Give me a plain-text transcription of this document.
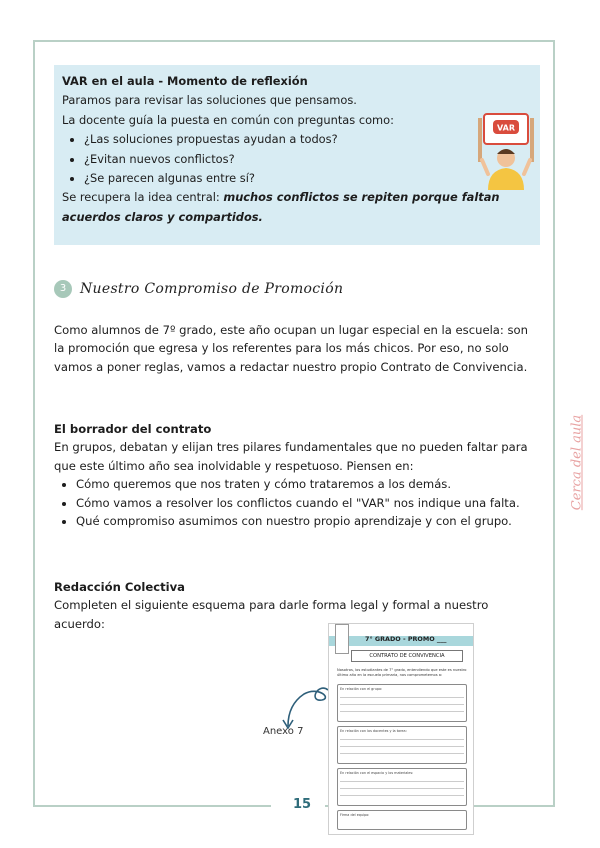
15
VAR en el aula - Momento de reflexión
Paramos para revisar las soluciones que pensamos.
La docente guía la puesta en común con preguntas como:
• ¿Las soluciones propuestas ayudan a todos?
• ¿Evitan nuevos conflictos?
• ¿Se parecen algunas entre sí?
Se recupera la idea central: muchos conflictos se repiten porque faltan acuerdos claros y compartidos.
VAR
3 Nuestro Compromiso de Promoción
Como alumnos de 7º grado, este año ocupan un lugar especial en la escuela: son la promoción que egresa y los referentes para los más chicos. Por eso, no solo vamos a poner reglas, vamos a redactar nuestro propio Contrato de Convivencia.
El borrador del contrato
En grupos, debatan y elijan tres pilares fundamentales que no pueden faltar para que este último año sea inolvidable y respetuoso. Piensen en:
• Cómo queremos que nos traten y cómo trataremos a los demás.
• Cómo vamos a resolver los conflictos cuando el "VAR" nos indique una falta.
• Qué compromiso asumimos con nuestro propio aprendizaje y con el grupo.
Redacción Colectiva
Completen el siguiente esquema para darle forma legal y formal a nuestro acuerdo:
Cerca del aula
Anexo 7
7° GRADO - PROMO ___
CONTRATO DE CONVIVENCIA
Nosotros, los estudiantes de 7° grado, entendiendo que este es nuestro último año en la escuela primaria, nos comprometemos a:
En relación con el grupo:
En relación con los docentes y la tarea:
En relación con el espacio y los materiales:
Firma del equipo:
